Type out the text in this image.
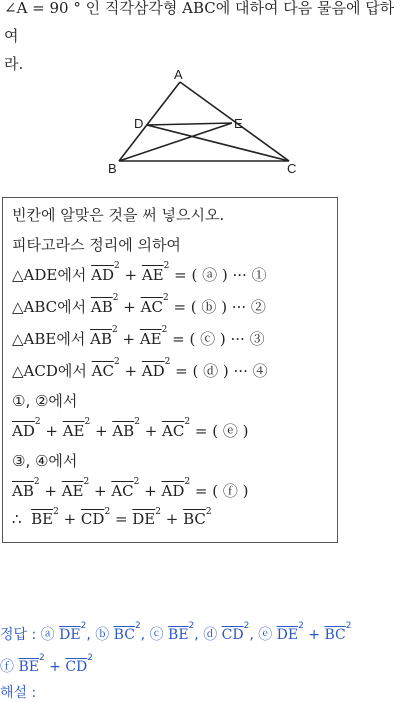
∠A = 90 ° 인 직각삼각형 ABC에 대하여 다음 물음에 답하여
라.
A
B	C
D	E
빈칸에 알맞은 것을 써 넣으시오.
피타고라스 정리에 의하여
△ADE에서 $\overline{AD}^2 + \overline{AE}^2$ = ( ⓐ ) ··· ①
△ABC에서 $\overline{AB}^2 + \overline{AC}^2$ = ( ⓑ ) ··· ②
△ABE에서 $\overline{AB}^2 + \overline{AE}^2$ = ( ⓒ ) ··· ③
△ACD에서 $\overline{AC}^2 + \overline{AD}^2$ = ( ⓓ ) ··· ④
①, ②에서
$\overline{AD}^2 + \overline{AE}^2 + \overline{AB}^2 + \overline{AC}^2$ = ( ⓔ )
③, ④에서
$\overline{AB}^2 + \overline{AE}^2 + \overline{AC}^2 + \overline{AD}^2$ = ( ⓕ )
∴ $\overline{BE}^2 + \overline{CD}^2 = \overline{DE}^2 + \overline{BC}^2$
정답 : ⓐ $\overline{DE}^2$, ⓑ $\overline{BC}^2$, ⓒ $\overline{BE}^2$, ⓓ $\overline{CD}^2$, ⓔ $\overline{DE}^2 + \overline{BC}^2$
ⓕ $\overline{BE}^2 + \overline{CD}^2$
해설 :
